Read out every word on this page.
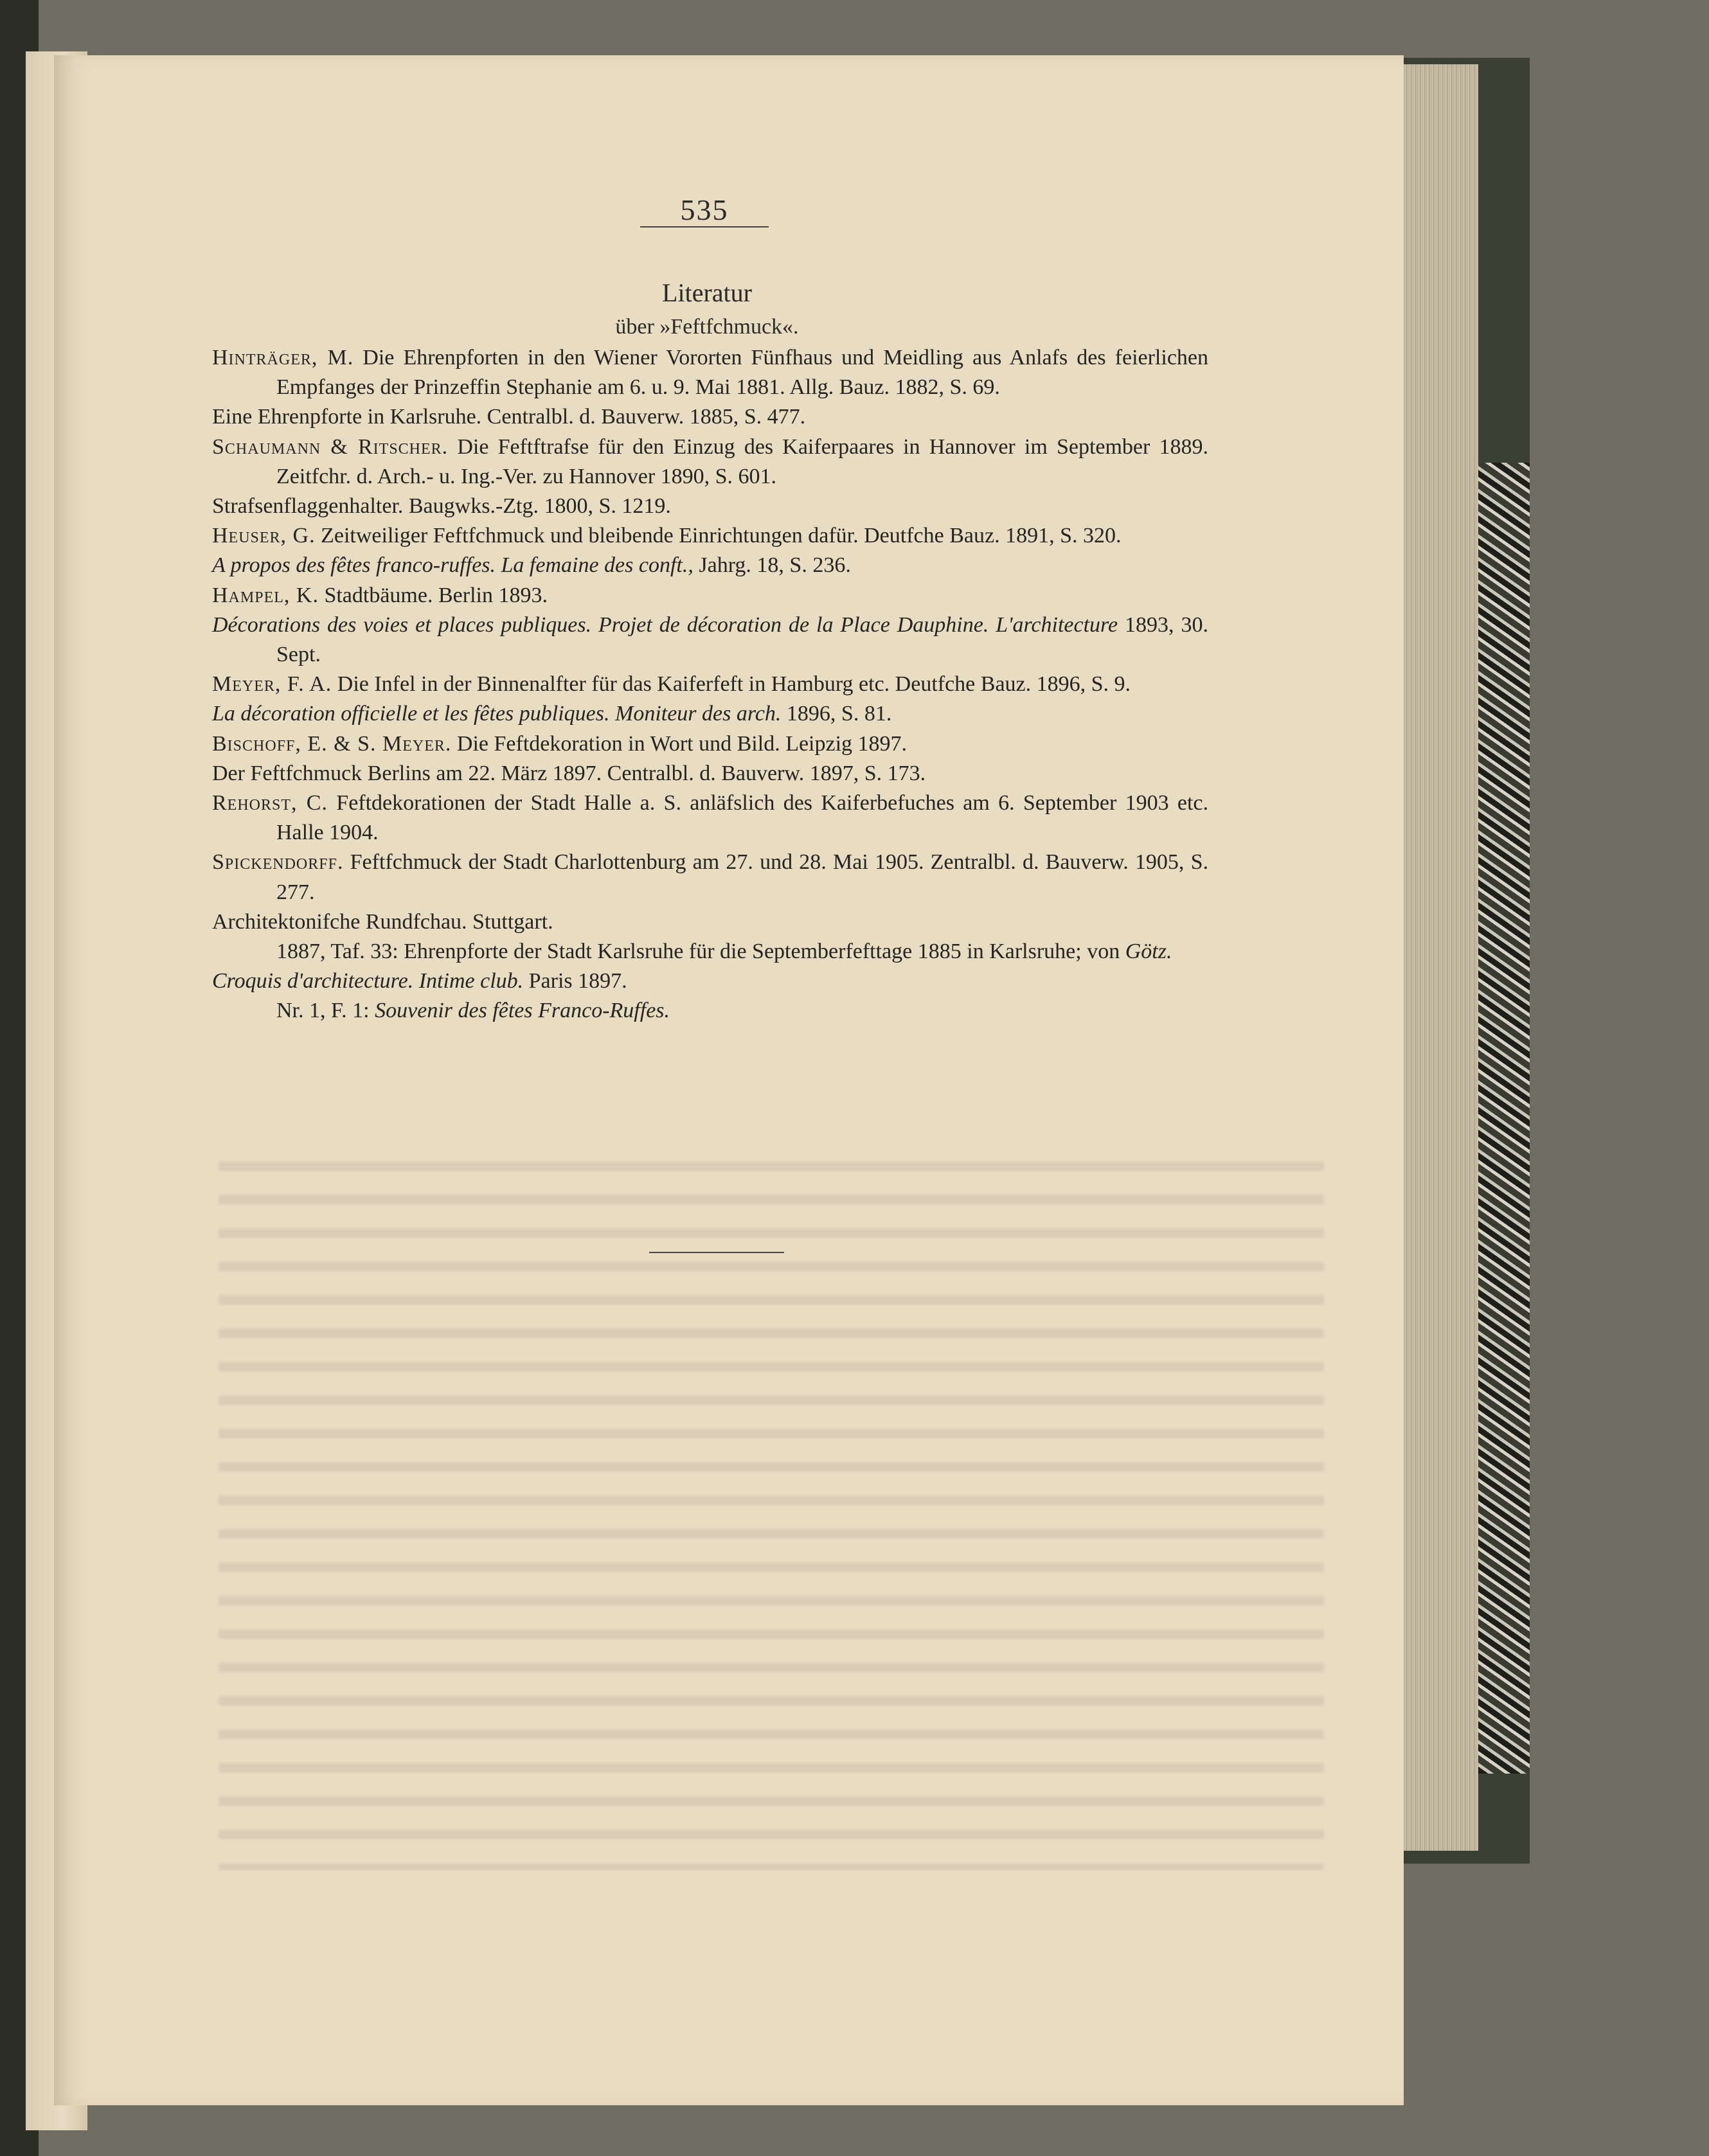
535
Literatur
über »Feftfchmuck«.
Hinträger, M. Die Ehrenpforten in den Wiener Vororten Fünfhaus und Meidling aus Anlafs des feierlichen Empfanges der Prinzeffin Stephanie am 6. u. 9. Mai 1881. Allg. Bauz. 1882, S. 69.
Eine Ehrenpforte in Karlsruhe. Centralbl. d. Bauverw. 1885, S. 477.
Schaumann & Ritscher. Die Feftftrafse für den Einzug des Kaiferpaares in Hannover im September 1889. Zeitfchr. d. Arch.- u. Ing.-Ver. zu Hannover 1890, S. 601.
Strafsenflaggenhalter. Baugwks.-Ztg. 1800, S. 1219.
Heuser, G. Zeitweiliger Feftfchmuck und bleibende Einrichtungen dafür. Deutfche Bauz. 1891, S. 320.
A propos des fêtes franco-ruffes. La femaine des conft., Jahrg. 18, S. 236.
Hampel, K. Stadtbäume. Berlin 1893.
Décorations des voies et places publiques. Projet de décoration de la Place Dauphine. L'architecture 1893, 30. Sept.
Meyer, F. A. Die Infel in der Binnenalfter für das Kaiferfeft in Hamburg etc. Deutfche Bauz. 1896, S. 9.
La décoration officielle et les fêtes publiques. Moniteur des arch. 1896, S. 81.
Bischoff, E. & S. Meyer. Die Feftdekoration in Wort und Bild. Leipzig 1897.
Der Feftfchmuck Berlins am 22. März 1897. Centralbl. d. Bauverw. 1897, S. 173.
Rehorst, C. Feftdekorationen der Stadt Halle a. S. anläfslich des Kaiferbefuches am 6. September 1903 etc. Halle 1904.
Spickendorff. Feftfchmuck der Stadt Charlottenburg am 27. und 28. Mai 1905. Zentralbl. d. Bauverw. 1905, S. 277.
Architektonifche Rundfchau. Stuttgart.
1887, Taf. 33: Ehrenpforte der Stadt Karlsruhe für die Septemberfefttage 1885 in Karlsruhe; von Götz.
Croquis d'architecture. Intime club. Paris 1897.
Nr. 1, F. 1: Souvenir des fêtes Franco-Ruffes.
